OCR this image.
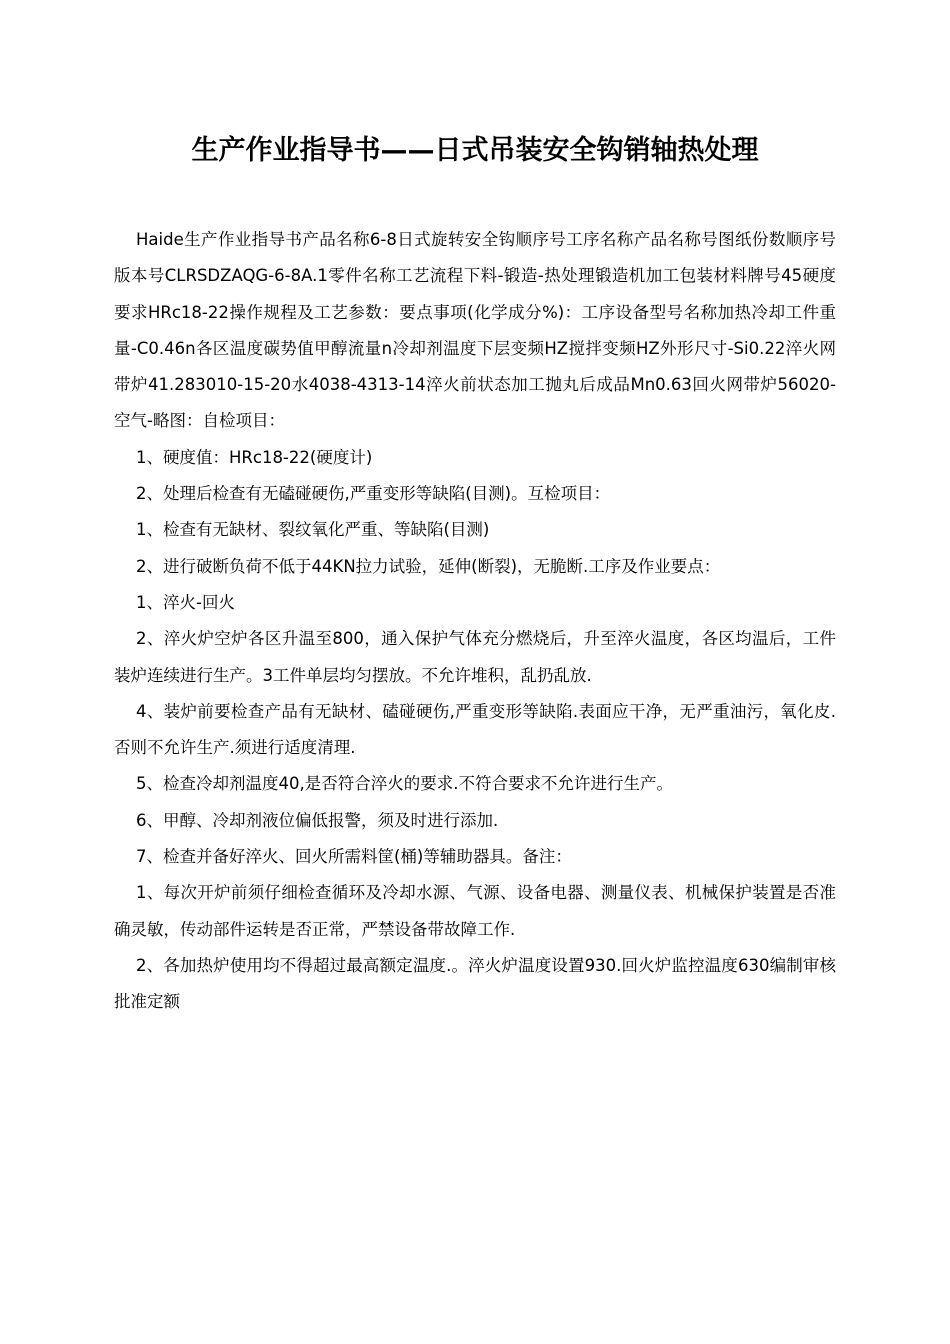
生产作业指导书——日式吊装安全钩销轴热处理

Haide生产作业指导书产品名称6-8日式旋转安全钩顺序号工序名称产品名称号图纸份数顺序号版本号CLRSDZAQG-6-8A.1零件名称工艺流程下料-锻造-热处理锻造机加工包装材料牌号45硬度要求HRc18-22操作规程及工艺参数：要点事项(化学成分%)：工序设备型号名称加热冷却工件重量-C0.46n各区温度碳势值甲醇流量n冷却剂温度下层变频HZ搅拌变频HZ外形尺寸-Si0.22淬火网带炉41.283010-15-20水4038-4313-14淬火前状态加工抛丸后成品Mn0.63回火网带炉56020-空气-略图：自检项目：

1、硬度值：HRc18-22(硬度计)

2、处理后检查有无磕碰硬伤,严重变形等缺陷(目测)。互检项目：

1、检查有无缺材、裂纹氧化严重、等缺陷(目测)

2、进行破断负荷不低于44KN拉力试验，延伸(断裂)，无脆断.工序及作业要点：

1、淬火-回火

2、淬火炉空炉各区升温至800，通入保护气体充分燃烧后，升至淬火温度，各区均温后，工件装炉连续进行生产。3工件单层均匀摆放。不允许堆积，乱扔乱放.

4、装炉前要检查产品有无缺材、磕碰硬伤,严重变形等缺陷.表面应干净，无严重油污，氧化皮.否则不允许生产.须进行适度清理.

5、检查冷却剂温度40,是否符合淬火的要求.不符合要求不允许进行生产。

6、甲醇、冷却剂液位偏低报警，须及时进行添加.

7、检查并备好淬火、回火所需料筐(桶)等辅助器具。备注：

1、每次开炉前须仔细检查循环及冷却水源、气源、设备电器、测量仪表、机械保护装置是否准确灵敏，传动部件运转是否正常，严禁设备带故障工作.

2、各加热炉使用均不得超过最高额定温度.。淬火炉温度设置930.回火炉监控温度630编制审核批准定额
